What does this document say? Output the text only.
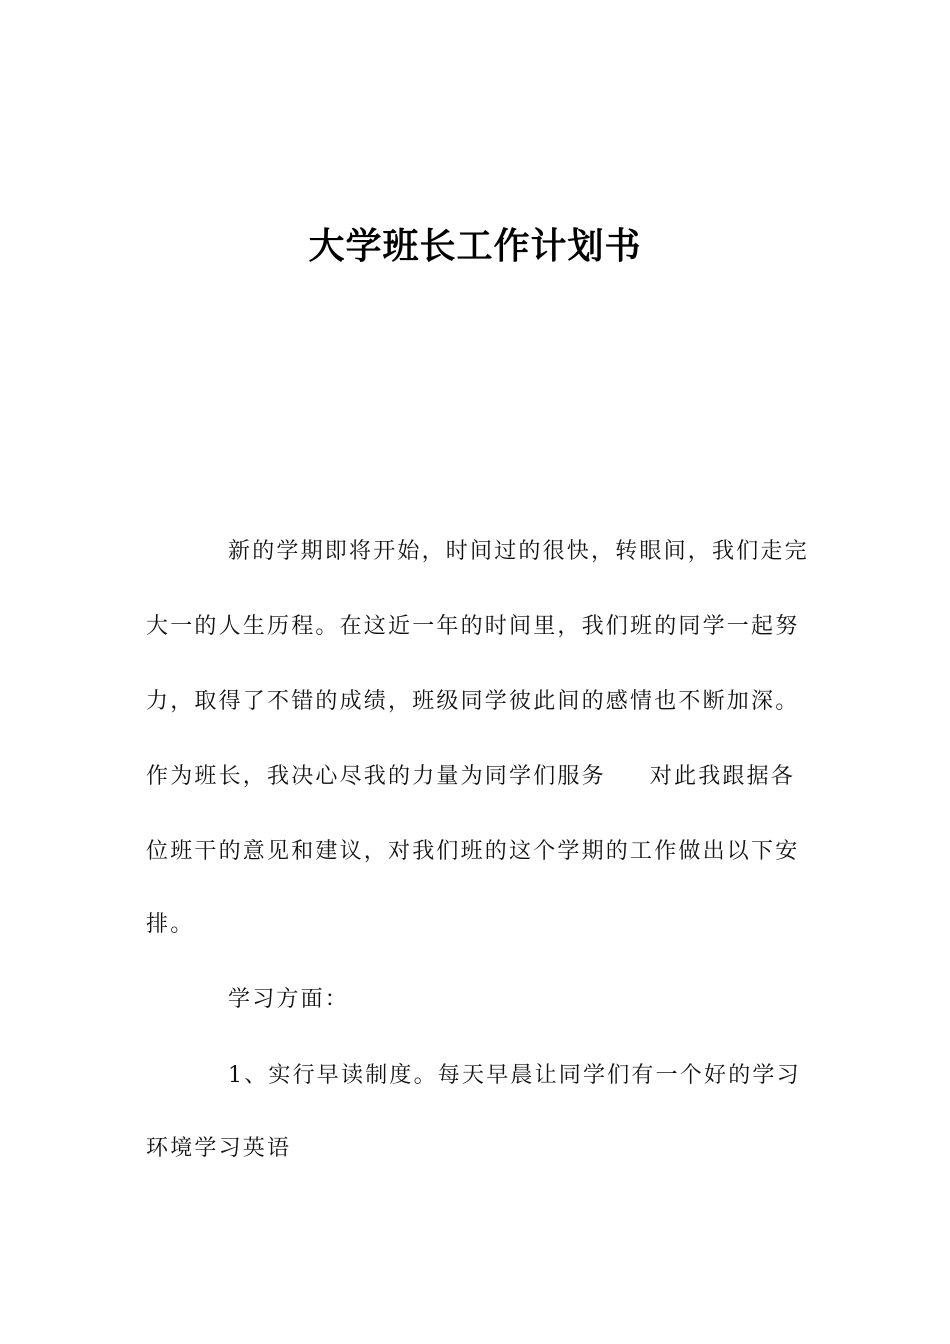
大学班长工作计划书
新的学期即将开始，时间过的很快，转眼间，我们走完
大一的人生历程。在这近一年的时间里，我们班的同学一起努
力，取得了不错的成绩，班级同学彼此间的感情也不断加深。
作为班长，我决心尽我的力量为同学们服务 对此我跟据各
位班干的意见和建议，对我们班的这个学期的工作做出以下安
排。
学习方面：
1、实行早读制度。每天早晨让同学们有一个好的学习
环境学习英语
